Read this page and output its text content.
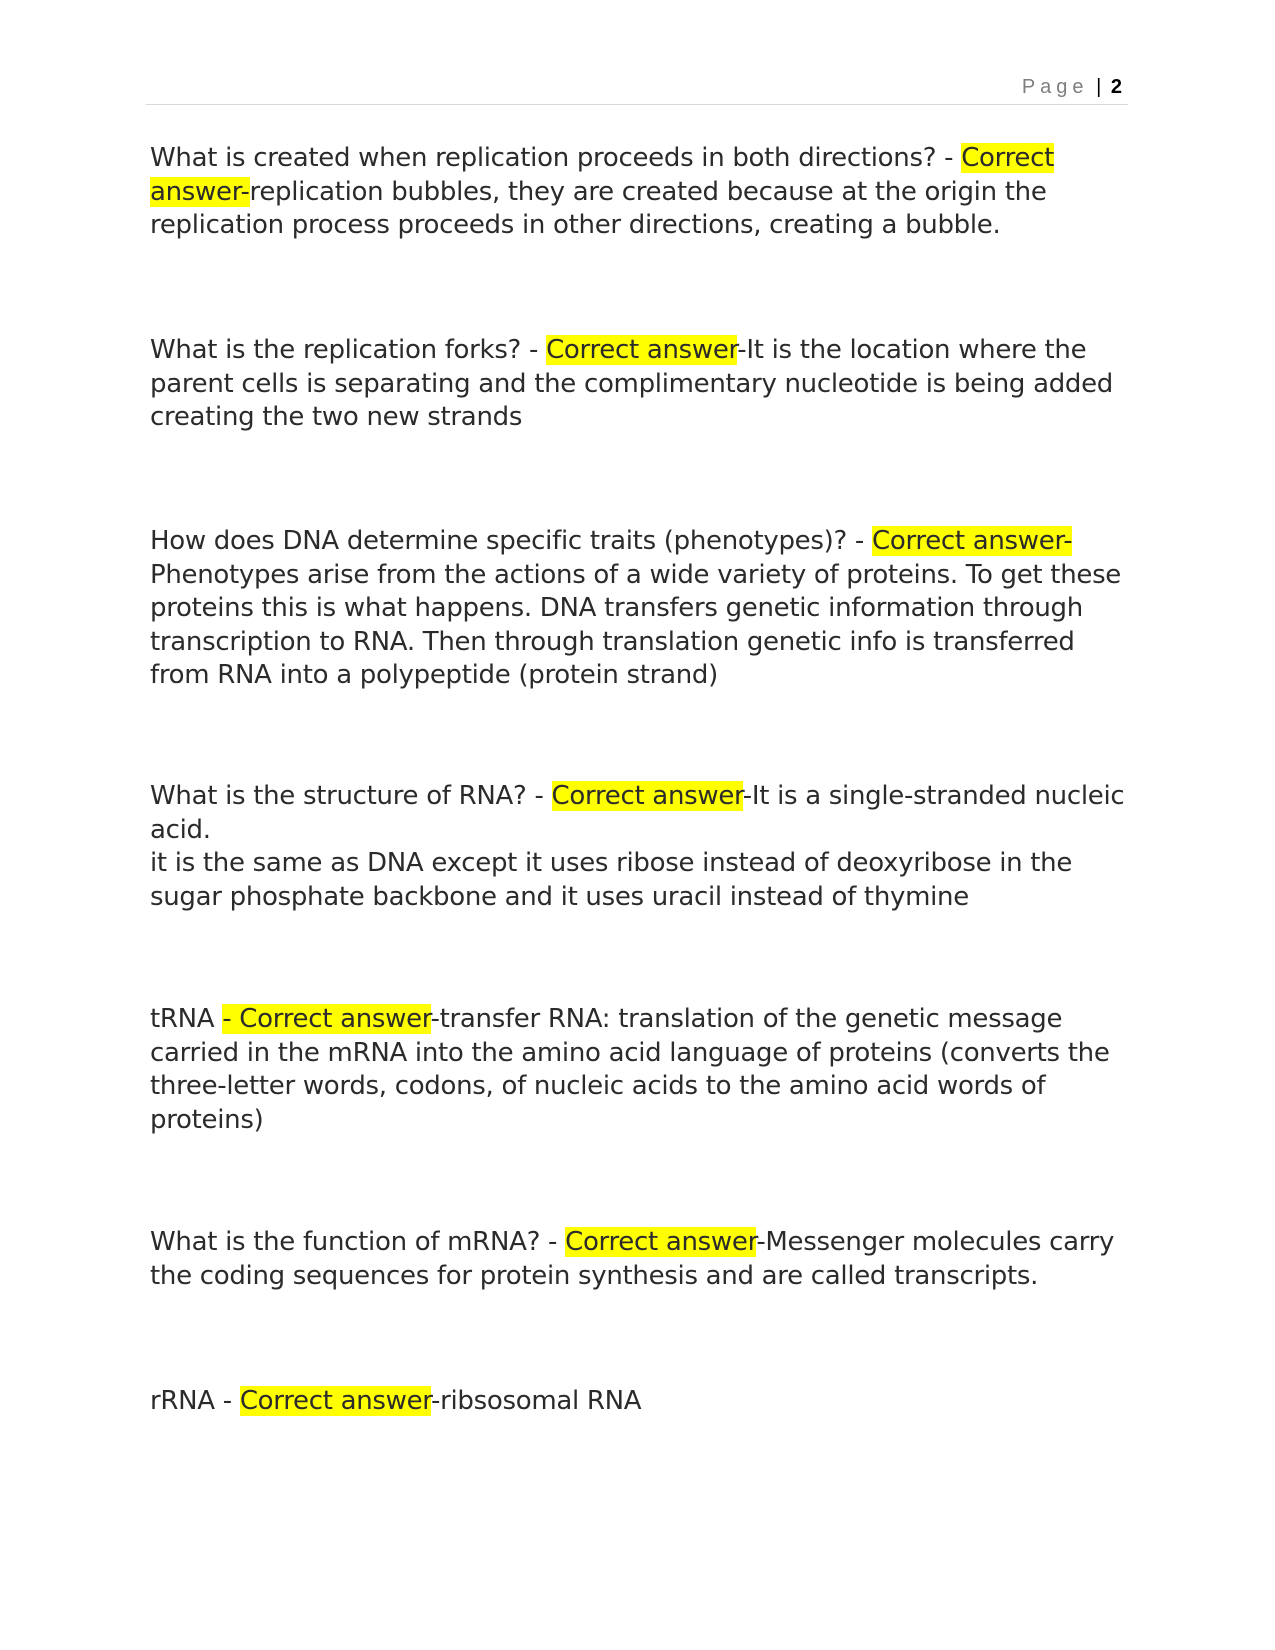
Page | 2

What is created when replication proceeds in both directions? - Correct answer-replication bubbles, they are created because at the origin the replication process proceeds in other directions, creating a bubble.

What is the replication forks? - Correct answer-It is the location where the parent cells is separating and the complimentary nucleotide is being added creating the two new strands

How does DNA determine specific traits (phenotypes)? - Correct answer-Phenotypes arise from the actions of a wide variety of proteins. To get these proteins this is what happens. DNA transfers genetic information through transcription to RNA. Then through translation genetic info is transferred from RNA into a polypeptide (protein strand)

What is the structure of RNA? - Correct answer-It is a single-stranded nucleic acid.
it is the same as DNA except it uses ribose instead of deoxyribose in the sugar phosphate backbone and it uses uracil instead of thymine

tRNA - Correct answer-transfer RNA: translation of the genetic message carried in the mRNA into the amino acid language of proteins (converts the three-letter words, codons, of nucleic acids to the amino acid words of proteins)

What is the function of mRNA? - Correct answer-Messenger molecules carry the coding sequences for protein synthesis and are called transcripts.

rRNA - Correct answer-ribsosomal RNA
